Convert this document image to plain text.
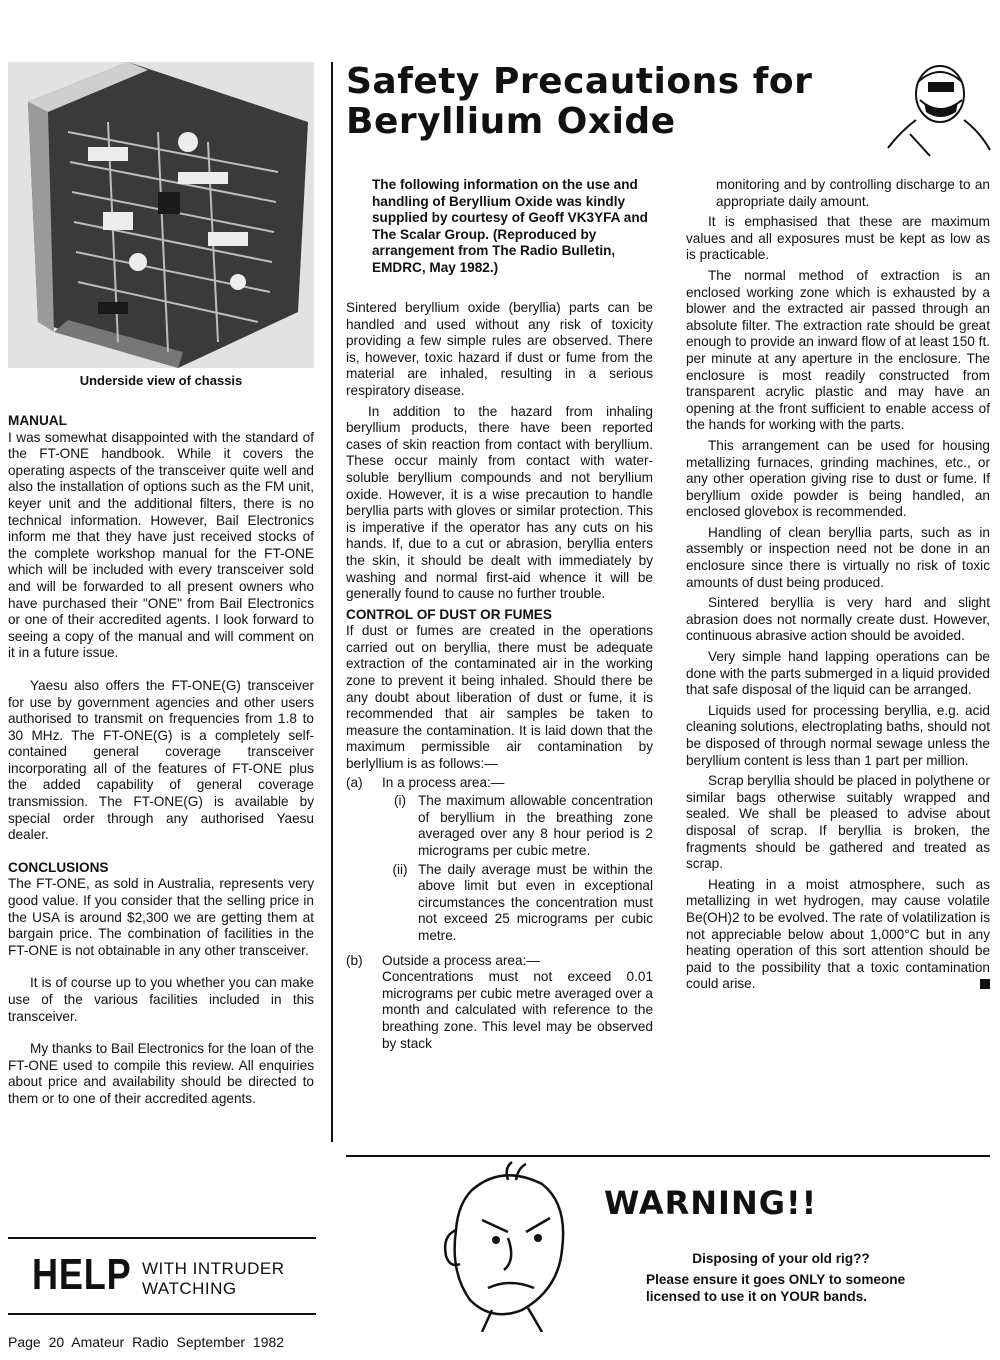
Underside view of chassis

MANUAL

I was somewhat disappointed with the standard of the FT-ONE handbook. While it covers the operating aspects of the transceiver quite well and also the installation of options such as the FM unit, keyer unit and the additional filters, there is no technical information. However, Bail Electronics inform me that they have just received stocks of the complete workshop manual for the FT-ONE which will be included with every transceiver sold and will be forwarded to all present owners who have purchased their "ONE" from Bail Electronics or one of their accredited agents. I look forward to seeing a copy of the manual and will comment on it in a future issue.

Yaesu also offers the FT-ONE(G) transceiver for use by government agencies and other users authorised to transmit on frequencies from 1.8 to 30 MHz. The FT-ONE(G) is a completely self-contained general coverage transceiver incorporating all of the features of FT-ONE plus the added capability of general coverage transmission. The FT-ONE(G) is available by special order through any authorised Yaesu dealer.

CONCLUSIONS

The FT-ONE, as sold in Australia, represents very good value. If you consider that the selling price in the USA is around $2,300 we are getting them at bargain price. The combination of facilities in the FT-ONE is not obtainable in any other transceiver.

It is of course up to you whether you can make use of the various facilities included in this transceiver.

My thanks to Bail Electronics for the loan of the FT-ONE used to compile this review. All enquiries about price and availability should be directed to them or to one of their accredited agents.

Safety Precautions for
Beryllium Oxide
The following information on the use and handling of Beryllium Oxide was kindly supplied by courtesy of Geoff VK3YFA and The Scalar Group. (Reproduced by arrangement from The Radio Bulletin, EMDRC, May 1982.)

Sintered beryllium oxide (beryllia) parts can be handled and used without any risk of toxicity providing a few simple rules are observed. There is, however, toxic hazard if dust or fume from the material are inhaled, resulting in a serious respiratory disease.

In addition to the hazard from inhaling beryllium products, there have been reported cases of skin reaction from contact with beryllium. These occur mainly from contact with water-soluble beryllium compounds and not beryllium oxide. However, it is a wise precaution to handle beryllia parts with gloves or similar protection. This is imperative if the operator has any cuts on his hands. If, due to a cut or abrasion, beryllia enters the skin, it should be dealt with immediately by washing and normal first-aid whence it will be generally found to cause no further trouble.

CONTROL OF DUST OR FUMES

If dust or fumes are created in the operations carried out on beryllia, there must be adequate extraction of the contaminated air in the working zone to prevent it being inhaled. Should there be any doubt about liberation of dust or fume, it is recommended that air samples be taken to measure the contamination. It is laid down that the maximum permissible air contamination by berlyllium is as follows:—

(a)	In a process area:—
(i) The maximum allowable concentration of beryllium in the breathing zone averaged over any 8 hour period is 2 micrograms per cubic metre.
(ii) The daily average must be within the above limit but even in exceptional circumstances the concentration must not exceed 25 micrograms per cubic metre.
(b)	Outside a process area:—
Concentrations must not exceed 0.01 micrograms per cubic metre averaged over a month and calculated with reference to the breathing zone. This level may be observed by stack

monitoring and by controlling discharge to an appropriate daily amount.

It is emphasised that these are maximum values and all exposures must be kept as low as is practicable.

The normal method of extraction is an enclosed working zone which is exhausted by a blower and the extracted air passed through an absolute filter. The extraction rate should be great enough to provide an inward flow of at least 150 ft. per minute at any aperture in the enclosure. The enclosure is most readily constructed from transparent acrylic plastic and may have an opening at the front sufficient to enable access of the hands for working with the parts.

This arrangement can be used for housing metallizing furnaces, grinding machines, etc., or any other operation giving rise to dust or fume. If beryllium oxide powder is being handled, an enclosed glovebox is recommended.

Handling of clean beryllia parts, such as in assembly or inspection need not be done in an enclosure since there is virtually no risk of toxic amounts of dust being produced.

Sintered beryllia is very hard and slight abrasion does not normally create dust. However, continuous abrasive action should be avoided.

Very simple hand lapping operations can be done with the parts submerged in a liquid provided that safe disposal of the liquid can be arranged.

Liquids used for processing beryllia, e.g. acid cleaning solutions, electroplating baths, should not be disposed of through normal sewage unless the beryllium content is less than 1 part per million.

Scrap beryllia should be placed in polythene or similar bags otherwise suitably wrapped and sealed. We shall be pleased to advise about disposal of scrap. If beryllia is broken, the fragments should be gathered and treated as scrap.

Heating in a moist atmosphere, such as metallizing in wet hydrogen, may cause volatile Be(OH)2 to be evolved. The rate of volatilization is not appreciable below about 1,000°C but in any heating operation of this sort attention should be paid to the possibility that a toxic contamination could arise.

WARNING!!
Disposing of your old rig??
Please ensure it goes ONLY to someone licensed to use it on YOUR bands.
HELP WITH INTRUDER
WATCHING
Page 20 Amateur Radio September 1982
